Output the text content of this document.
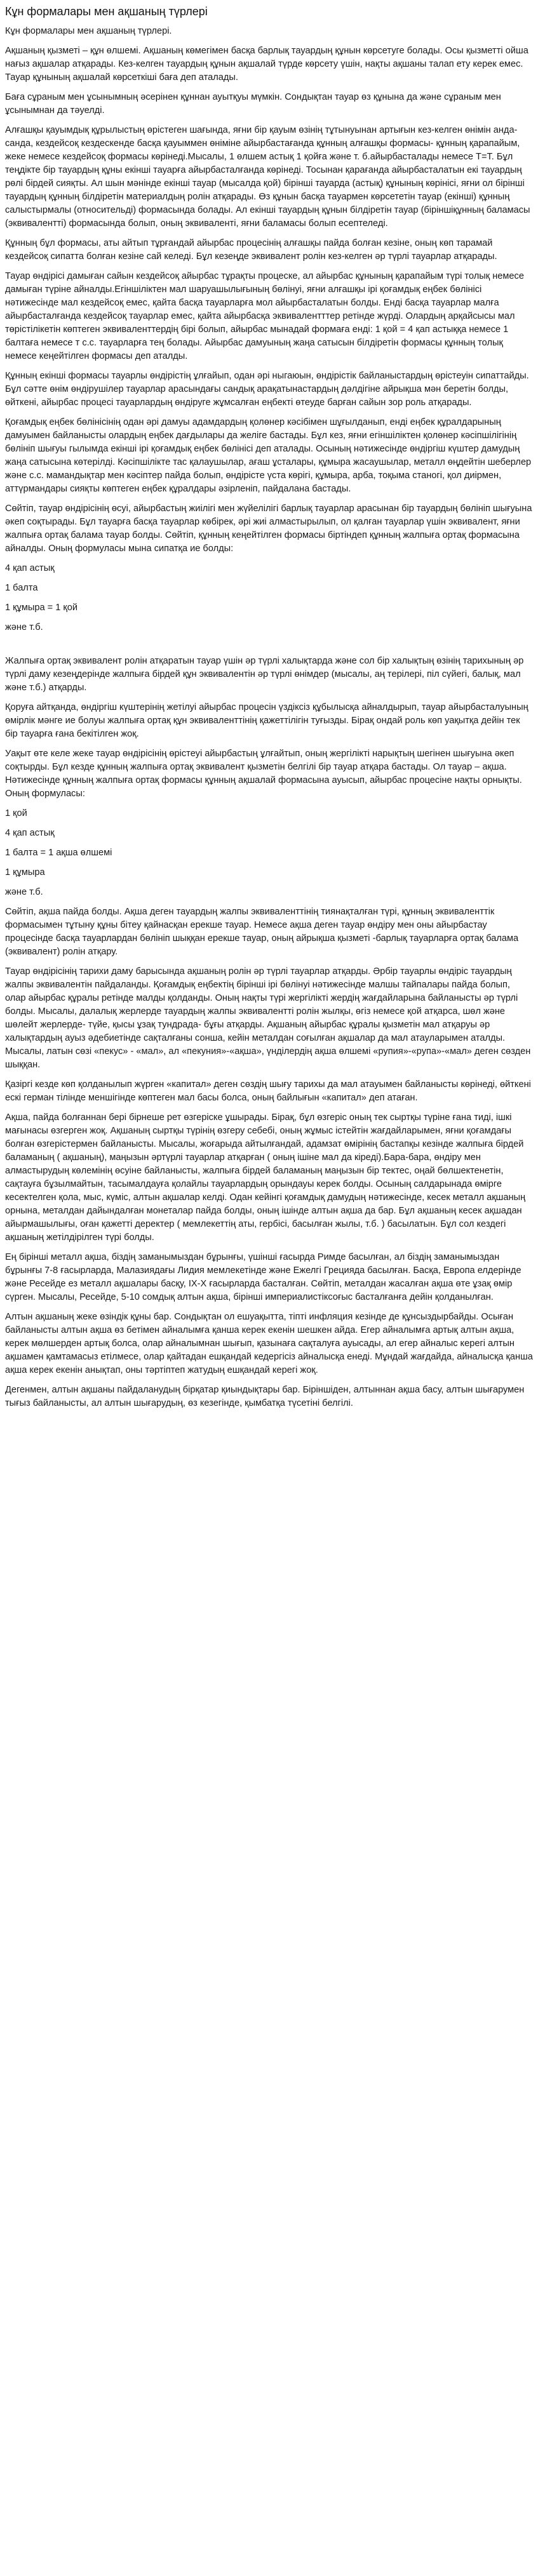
Кұн формалары мен ақшаның түрлері

Кұн формалары мен ақшаның түрлері.

Ақшаның қызметі – құн өлшемі. Ақшаның көмегімен басқа барлық тауардың құнын көрсетуге болады. Осы қызметті ойша нағыз ақшалар атқарады. Кез-келген тауардың құнын ақшалай түрде көрсету үшін, нақты ақшаны талап ету керек емес. Тауар құнының ақшалай көрсеткіші баға деп аталады.

Баға сұраным мен ұсынымның әсерінен құннан ауытқуы мүмкін. Сондықтан тауар өз құнына да және сұраным мен ұсынымнан да тәуелді.

Алғашқы қауымдық құрылыстың өрістеген шағында, яғни бір қауым өзінің тұтынуынан артығын кез-келген өнімін анда-санда, кездейсоқ кездескенде басқа қауыммен өніміне айырбастағанда құнның алғашқы формасы- құнның қарапайым, жеке немесе кездейсоқ формасы көрінеді.Мысалы, 1 өлшем астық 1 қойға және т. б.айырбасталады немесе Т=Т. Бұл теңдікте бір тауардың құны екінші тауарға айырбасталғанда көрінеді. Тосынан қарағанда айырбасталатын екі тауардың рөлі бірдей сияқты. Ал шын мәнінде екінші тауар (мысалда қой) бірінші тауарда (астық) құнының көрінісі, яғни ол бірінші тауардың құнның білдіретін материалдың ролін атқарады. Өз құнын басқа тауармен көрсететін тауар (екінші) құнның салыстырмалы (относительді) формасында болады. Ал екінші тауардың құнын білдіретін тауар (біріншіқұнның баламасы (эквиваленттi) формасында болып, оның эквиваленті, яғни баламасы болып есептеледі.

Құнның бұл формасы, аты айтып тұрғандай айырбас процесінің алғашқы пайда болған кезіне, оның көп тарамай кездейсоқ сипатта болған кезіне сай келеді. Бұл кезеңде эквивалент ролін кез-келген әр түрлі тауарлар атқарады.

Тауар өндірісі дамыған сайын кездейсоқ айырбас тұрақты процеске, ал айырбас құнының қарапайым түрі толық немесе дамыған түріне айналды.Егіншіліктен мал шаруашылығының бөлінуі, яғни алғашқы ірі қоғамдық еңбек бөлінісі нәтижесінде мал кездейсоқ емес, қайта басқа тауарларға мол айырбасталатын болды. Енді басқа тауарлар малға айырбасталғанда кездейсоқ тауарлар емес, қайта айырбасқа эквивалентттер ретінде жүрді. Олардың арқайсысы мал төрістілікетін көптеген эквиваленттердің бірі болып, айырбас мынадай формаға енді: 1 қой = 4 қап астыққа немесе 1 балтаға немесе т с.с. тауарларға тең болады. Айырбас дамуының жаңа сатысын білдіретін формасы құнның толық немесе кеңейтілген формасы деп аталды.

Құнның екінші формасы тауарлы өндірістің ұлғайып, одан әрі ныгаюын, өндірістік байланыстардың өрістеуін сипаттайды. Бұл сәтте өнім өндірушілер тауарлар арасындағы сандық арақатынастардың дәлдігіне айрықша мән беретін болды, өйткені, айырбас процесі тауарлардың өндіруге жұмсалған еңбекті өтеуде барған сайын зор роль атқарады.

Қоғамдық еңбек бөлінісінің одан әрі дамуы адамдардың қолөнер кәсібімен шұғылданып, енді еңбек құралдарының дамуымен байланысты олардың еңбек дағдылары да желіге бастады. Бұл кез, яғни егіншіліктен қолөнер кәсіпшілігінің бөлініп шығуы гылымда екінші ірі қоғамдық еңбек бөлінісі деп аталады. Осының нәтижесінде өндіргіш күштер дамудың жаңа сатысына көтерілді. Кәсіпшілікте тас қалаушылар, ағаш ұсталары, құмыра жасаушылар, металл өңдейтін шеберлер және с.с. мамандықтар мен кәсіптер пайда болып, өндірісте үста көрігі, құмыра, арба, тоқыма станогі, қол диірмен, аттүрмандары сияқты көптеген еңбек құралдары әзірленіп, пайдалана бастады.

Сөйтіп, тауар өндірісінің өсуі, айырбастың жиілігі мен жүйелілігі барлық тауарлар арасынан бір тауардың бөлініп шығуына әкеп соқтырады. Бұл тауарға басқа тауарлар көбірек, әрі жиі алмастырылып, ол қалған тауарлар үшін эквивалент, яғни жалпыға ортақ балама тауар болды. Сөйтіп, құнның кеңейтілген формасы біртіндеп құнның жалпыға ортақ формасына айналды. Оның формуласы мына сипатқа ие болды:

4 қап астық

1 балта

1 құмыра = 1 қой

және т.б.

Жалпыға ортақ эквивалент ролін атқаратын тауар үшін әр түрлі халықтарда және сол бір халықтың өзінің тарихының әр түрлі даму кезеңдерінде жалпыға бірдей құн эквивалентін әр түрлі өнімдер (мысалы, аң терілері, піл сүйегі, балық, мал және т.б.) атқарды.

Қоруға айтқанда, өндіргіш күштерінің жетілуі айырбас процесін үздіксіз құбылысқа айналдырып, тауар айырбасталуының өмірлік мәнге ие болуы жалпыға ортақ құн эквиваленттінің қажеттілігін туғызды. Бірақ ондай роль көп уақытқа дейін тек бір тауарға ғана бекітілген жоқ.

Уақыт өте келе жеке тауар өндірісінің өрістеуі айырбастың ұлғайтып, оның жергілікті нарықтың шегінен шығуына әкеп соқтырды. Бұл кезде құнның жалпыға ортақ эквивалент қызметін белгілі бір тауар атқара бастады. Ол тауар – ақша. Нәтижесінде құнның жалпыға ортақ формасы құнның ақшалай формасына ауысып, айырбас процесіне нақты орнықты. Оның формуласы:

1 қой

4 қап астық

1 балта = 1 ақша өлшемі

1 құмыра

және т.б.

Сөйтіп, ақша пайда болды. Ақша деген тауардың жалпы эквиваленттінің тиянақталған түрі, құнның эквиваленттік формасымен тұтыну құны бітеу қайнасқан ерекше тауар. Немесе ақша деген тауар өндіру мен оны айырбастау процесінде басқа тауарлардан бөлініп шыққан ерекше тауар, оның айрықша қызметі -барлық тауарларға ортақ балама (эквивалент) ролін атқару.

Тауар өндірісінің тарихи даму барысында ақшаның ролін әр түрлі тауарлар атқарды. Әрбір тауарлы өндіріс тауардың жалпы эквивалентін пайдаланды. Қоғамдық еңбектің бірінші ірі бөлінуі нәтижесінде малшы тайпалары пайда болып, олар айырбас құралы ретінде малды қолданды. Оның нақты түрі жергілікті жердің жағдайларына байланысты әр түрлі болды. Мысалы, далалық жерлерде тауардың жалпы эквивалентті ролін жылқы, өгіз немесе қой атқарса, шөл және шөлейт жерлерде- түйе, қысы ұзақ тундрада- бұғы атқарды. Ақшаның айырбас құралы қызметін мал атқаруы әр халықтардың ауыз әдебиетінде сақталғаны сонша, кейін металдан соғылған ақшалар да мал атауларымен аталды. Мысалы, латын сөзі «пекус» - «мал», ал «пекуния»-«ақша», үнділердің ақша өлшемі «рупия»-«рупа»-«мал» деген сөзден шыққан.

Қазіргі кезде көп қолданылып жүрген «капитал» деген сөздің шығу тарихы да мал атауымен байланысты көрінеді, өйткені ескі герман тілінде меншігінде көптеген мал басы болса, оның байлығын «капитал» деп атаған.

Ақша, пайда болғаннан бері бірнеше рет өзгеріске ұшырады. Бірақ, бұл өзгеріс оның тек сыртқы түріне ғана тиді, ішкі мағынасы өзгерген жоқ. Ақшаның сыртқы түрінің өзгеру себебі, оның жұмыс істейтін жағдайларымен, яғни қоғамдағы болған өзгерістермен байланысты. Мысалы, жоғарыда айтылғандай, адамзат өмірінің бастапқы кезінде жалпыға бірдей баламаның ( ақшаның), маңызын әртүрлі тауарлар атқарған ( оның ішіне мал да кіреді).Бара-бара, өндіру мен алмастырудың көлемінің өсуіне байланысты, жалпыға бірдей баламаның маңызын бір тектес, оңай бөлшектенетін, сақтауға бұзылмайтын, тасымалдауға қолайлы тауарлардың орындауы керек болды. Осының салдарынада өмірге кесектелген қола, мыс, күміс, алтын ақшалар келді. Одан кейінгі қоғамдық дамудың нәтижесінде, кесек металл ақшаның орнына, металдан дайындалған монеталар пайда болды, оның ішінде алтын ақша да бар. Бұл ақшаның кесек ақшадан айырмашылығы, оған қажетті деректер ( мемлекеттің аты, гербісі, басылған жылы, т.б. ) басылатын. Бұл сол кездегі ақшаның жетілдірілген түрі болды.

Ең бірінші металл ақша, біздің заманымыздан бұрынғы, үшінші ғасырда Римде басылған, ал біздің заманымыздан бұрынғы 7-8 ғасырларда, Малазиядағы Лидия мемлекетінде және Ежелгі Грецияда басылған. Басқа, Европа елдерінде және Ресейде ез металл ақшалары басқу, IX-X ғасырларда басталған. Сөйтіп, металдан жасалған ақша өте ұзақ өмір сүрген. Мысалы, Ресейде, 5-10 сомдық алтын ақша, бірінші империалистіксоғыс басталғанға дейін қолданылған.

Алтын ақшаның жеке өзіндік құны бар. Сондықтан ол ешуақытта, тіпті инфляция кезінде де құнсыздырбайды. Осыған байланысты алтын ақша өз бетімен айналымға қанша керек екенін шешкен айда. Егер айналымға артық алтын ақша, керек мөлшерден артық болса, олар айналымнан шығып, қазынаға сақталуға ауысады, ал егер айналыс керегі алтын ақшамен қамтамасыз етілмесе, олар қайтадан ешқандай кедергісіз айналысқа енеді. Мұндай жағдайда, айналысқа қанша ақша керек екенін анықтап, оны тәртіптеп жатудың ешқандай керегі жоқ.

Дегенмен, алтын ақшаны пайдаланудың бірқатар қиындықтары бар. Біріншіден, алтыннан ақша басу, алтын шығарумен тығыз байланысты, ал алтын шығарудың, өз кезегінде, қымбатқа түсетіні белгілі.
